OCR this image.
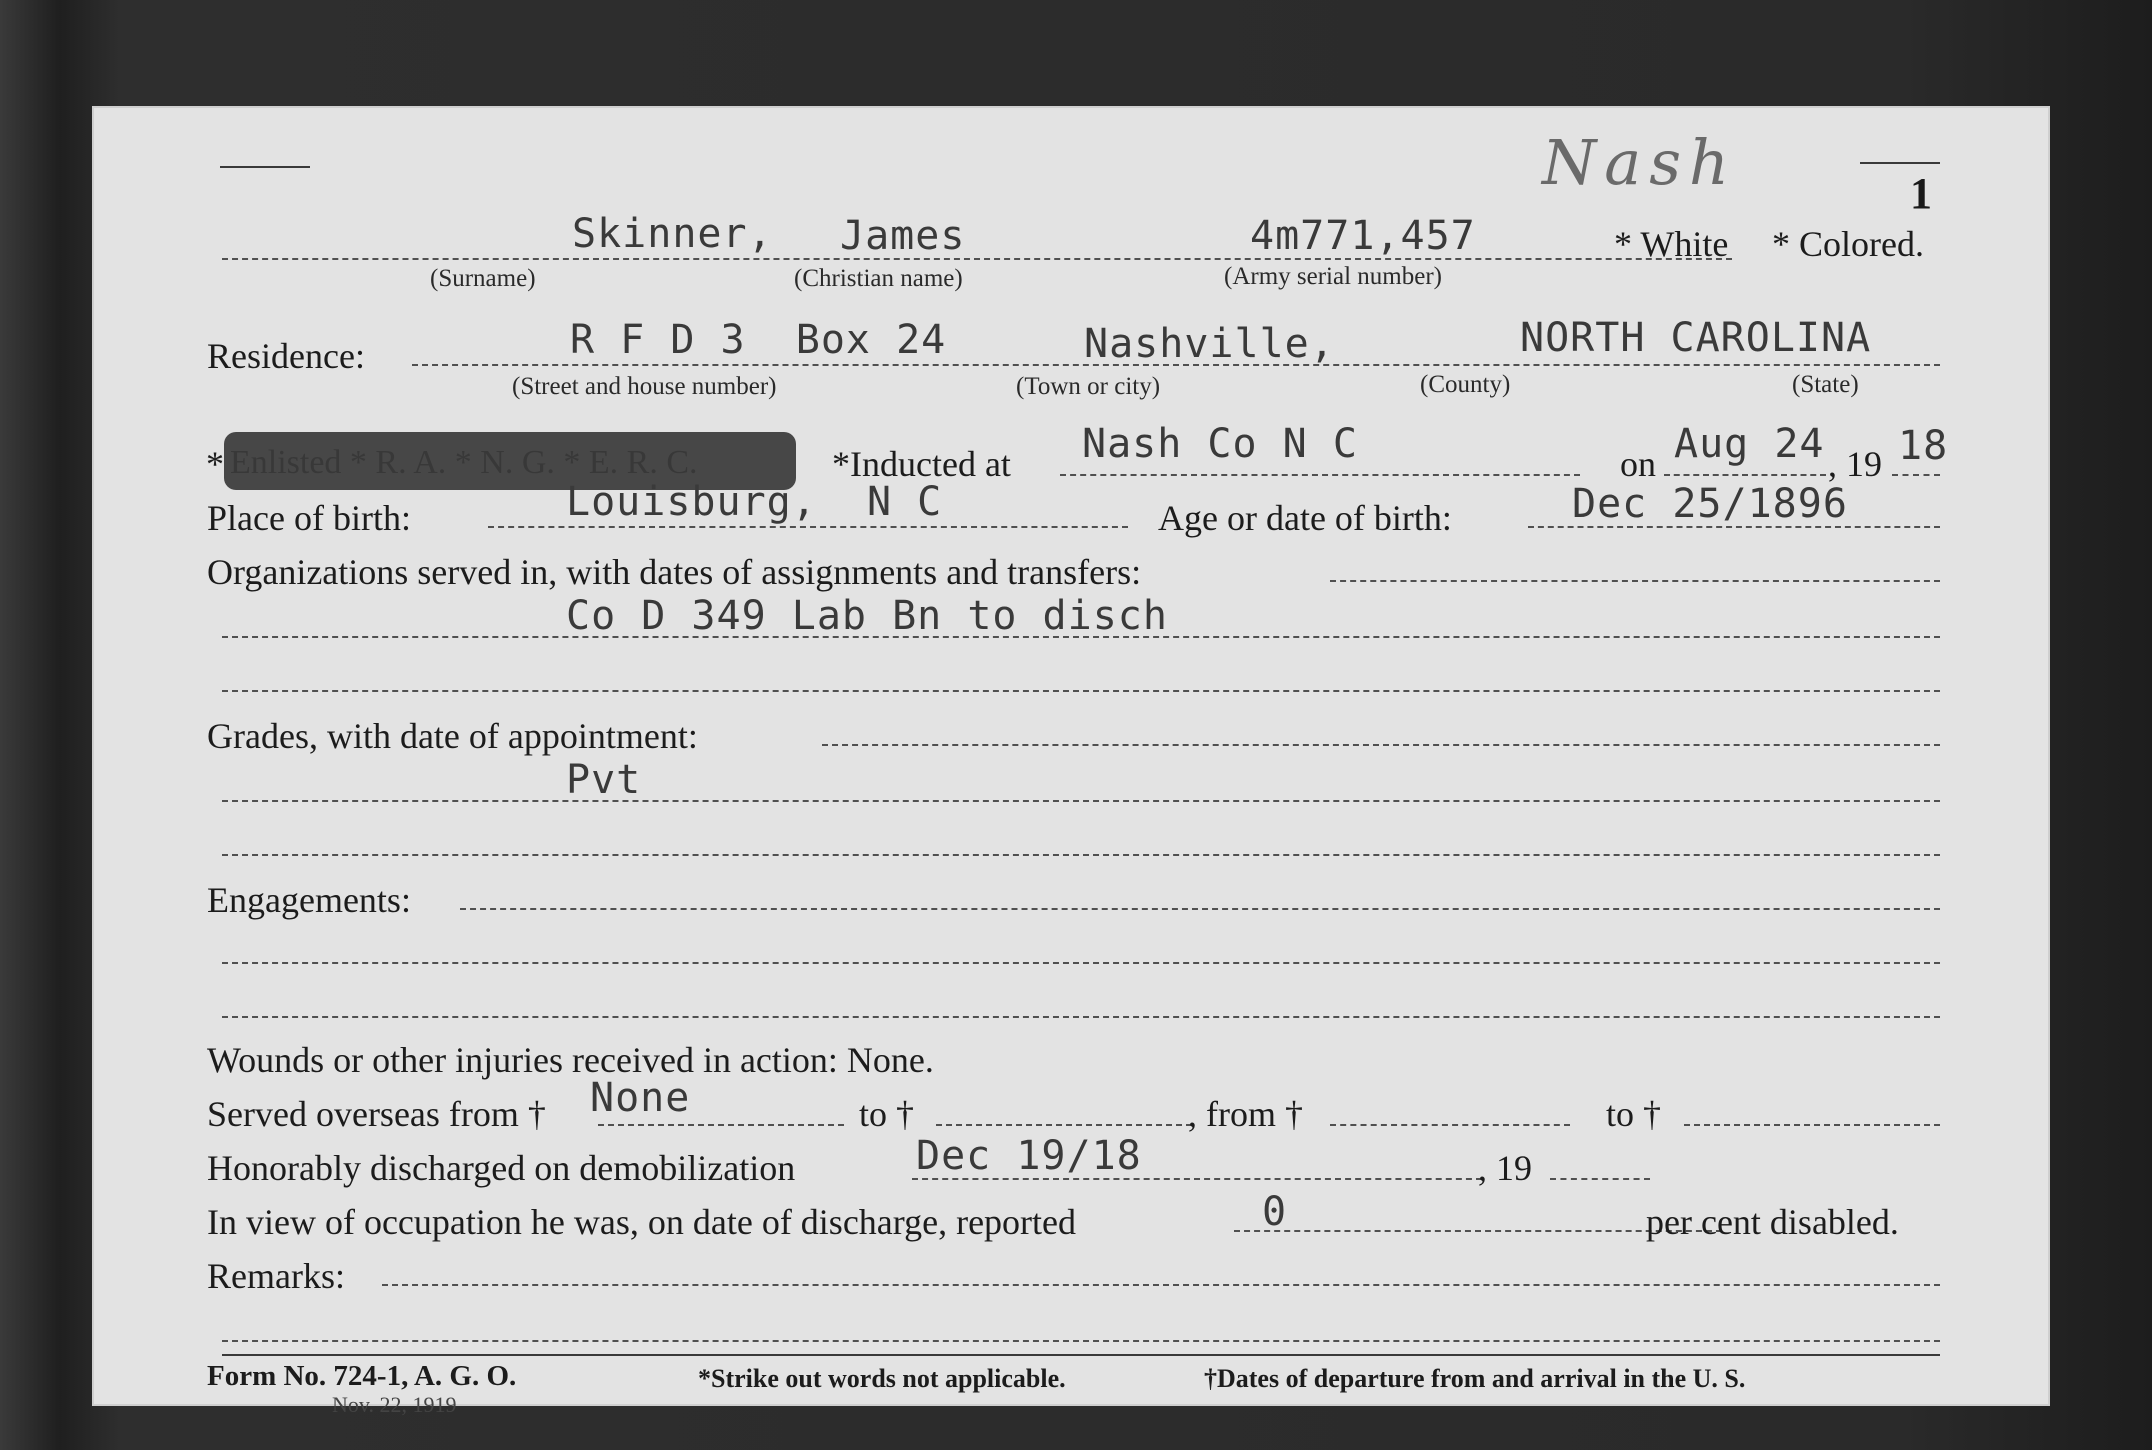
Nash	1
Skinner, James	4m771,457	* White * Colored.
(Surname)	(Christian name)	(Army serial number)
Residence:	R F D 3  Box 24	Nashville,	NORTH CAROLINA
(Street and house number)	(Town or city)	(County)	(State)
*	*Inducted at Nash Co N C	on Aug 24 , 19 18
Place of birth:	Louisburg,  N C	Age or date of birth:	Dec 25/1896
Organizations served in, with dates of assignments and transfers:
Co D 349 Lab Bn to disch
Grades, with date of appointment:
Pvt
Engagements:
Wounds or other injuries received in action: None.
Served overseas from † None	to †	, from †	to †
Honorably discharged on demobilization	Dec 19/18	, 19
In view of occupation he was, on date of discharge, reported	0	per cent disabled.
Remarks:
Form No. 724-1, A. G. O.
Nov. 22, 1919
*Strike out words not applicable.	†Dates of departure from and arrival in the U. S.
